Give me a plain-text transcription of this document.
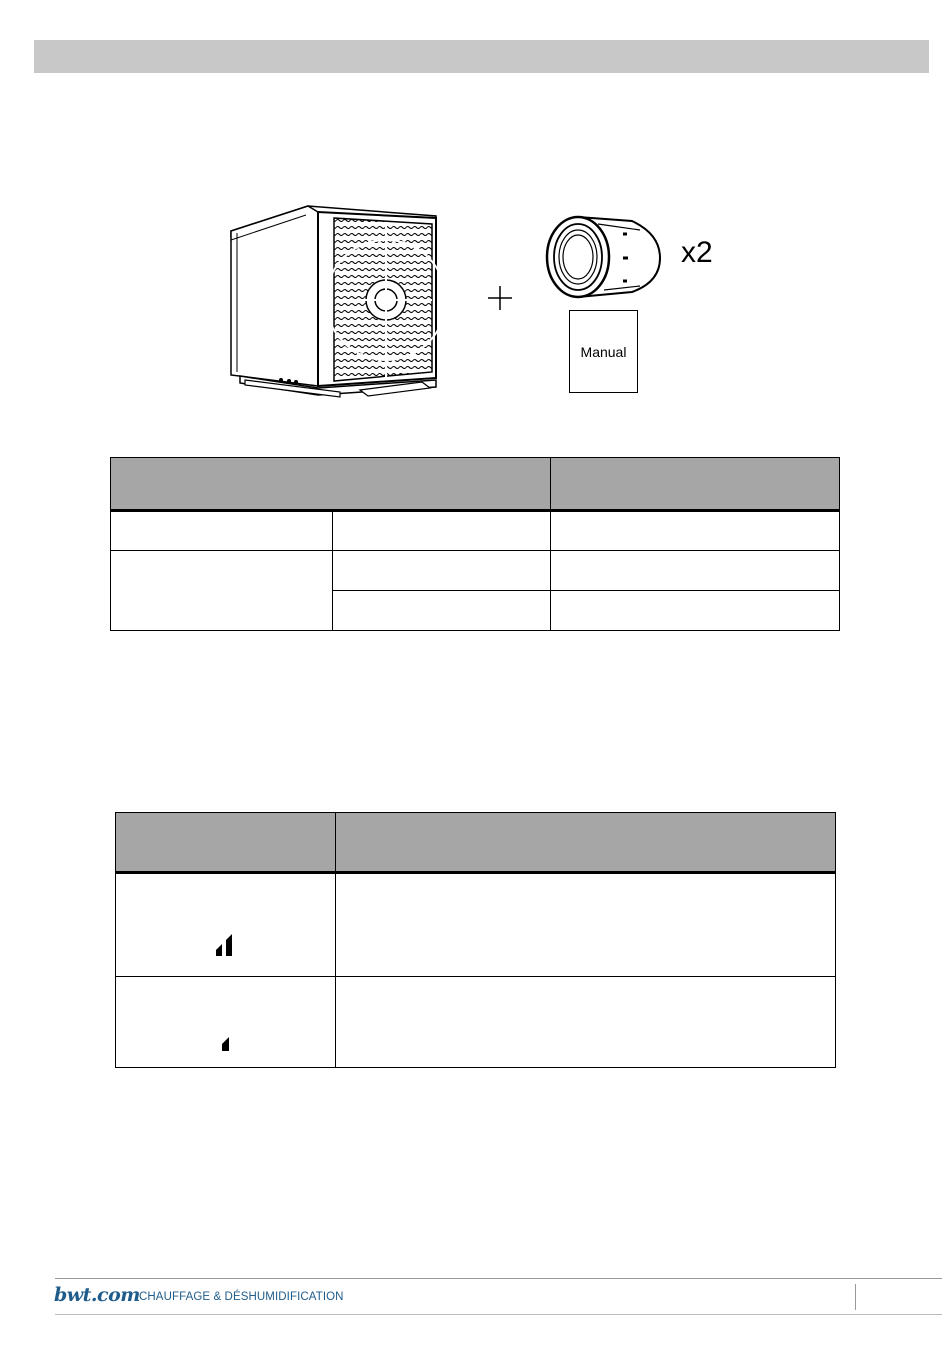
Manual
x2

bwt.com CHAUFFAGE & DÉSHUMIDIFICATION
